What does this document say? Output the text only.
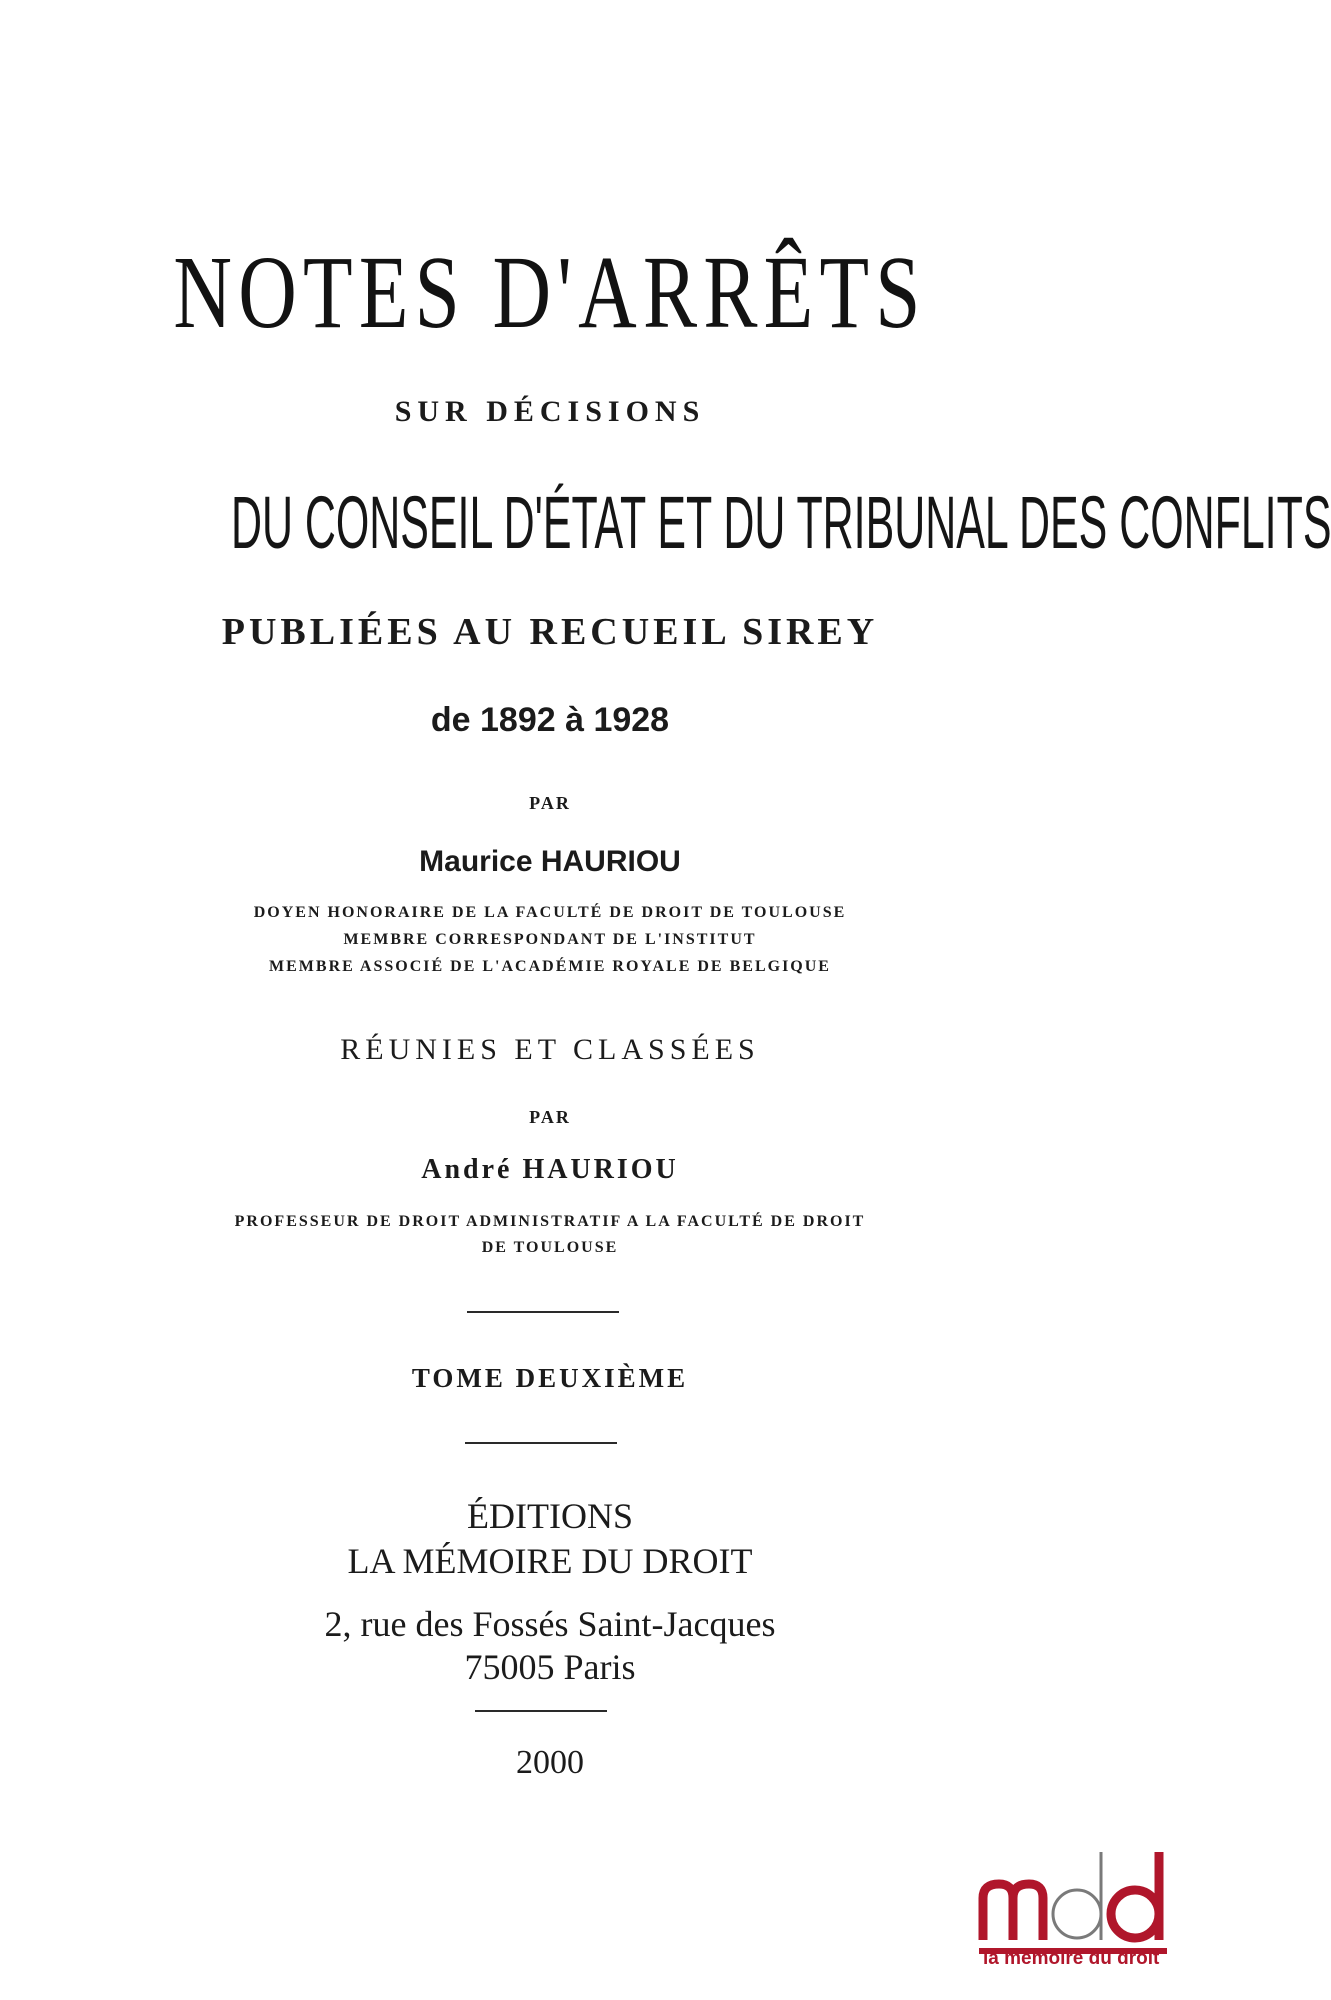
NOTES D'ARRÊTS
SUR DÉCISIONS
DU CONSEIL D'ÉTAT ET DU TRIBUNAL DES CONFLITS
PUBLIÉES AU RECUEIL SIREY
de 1892 à 1928
PAR
Maurice HAURIOU
DOYEN HONORAIRE DE LA FACULTÉ DE DROIT DE TOULOUSE
MEMBRE CORRESPONDANT DE L'INSTITUT
MEMBRE ASSOCIÉ DE L'ACADÉMIE ROYALE DE BELGIQUE
RÉUNIES ET CLASSÉES
PAR
André HAURIOU
PROFESSEUR DE DROIT ADMINISTRATIF A LA FACULTÉ DE DROIT
DE TOULOUSE
TOME DEUXIÈME
ÉDITIONS
LA MÉMOIRE DU DROIT
2, rue des Fossés Saint-Jacques
75005 Paris
2000
la mémoire du droit
